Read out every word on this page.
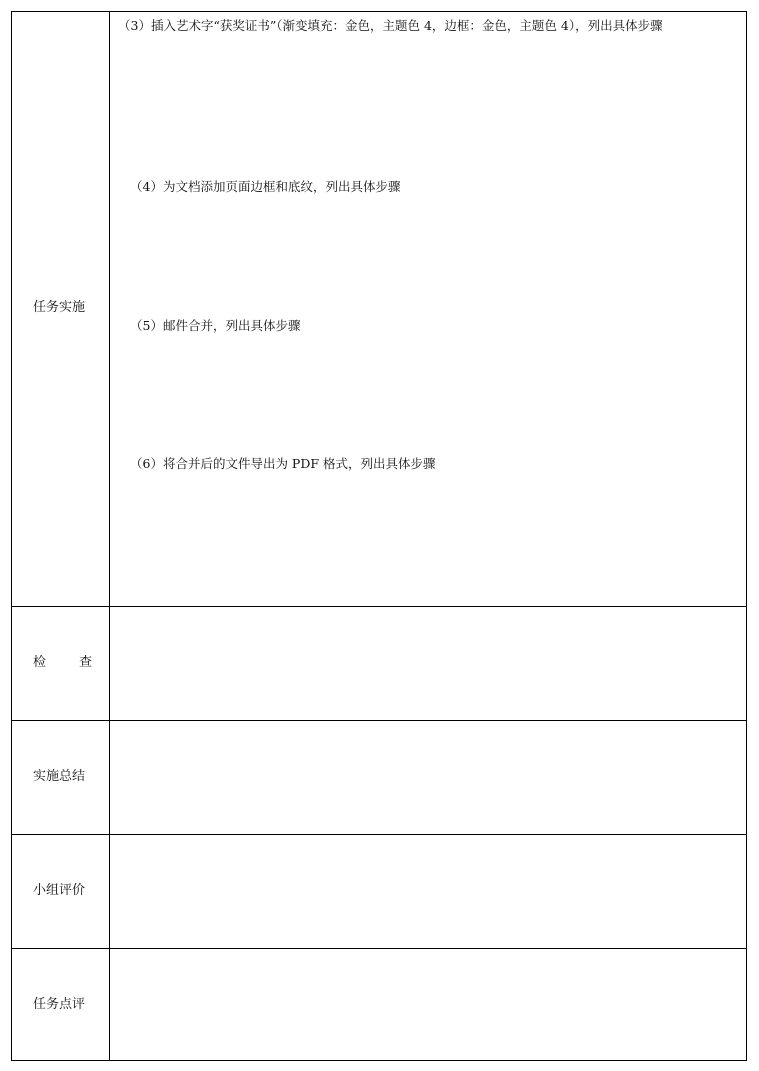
任务实施
（3）插入艺术字“获奖证书”（渐变填充：金色，主题色 4，边框：金色，主题色 4），列出具体步骤
（4）为文档添加页面边框和底纹，列出具体步骤
（5）邮件合并，列出具体步骤
（6）将合并后的文件导出为 PDF 格式，列出具体步骤
检        查
实施总结
小组评价
任务点评
